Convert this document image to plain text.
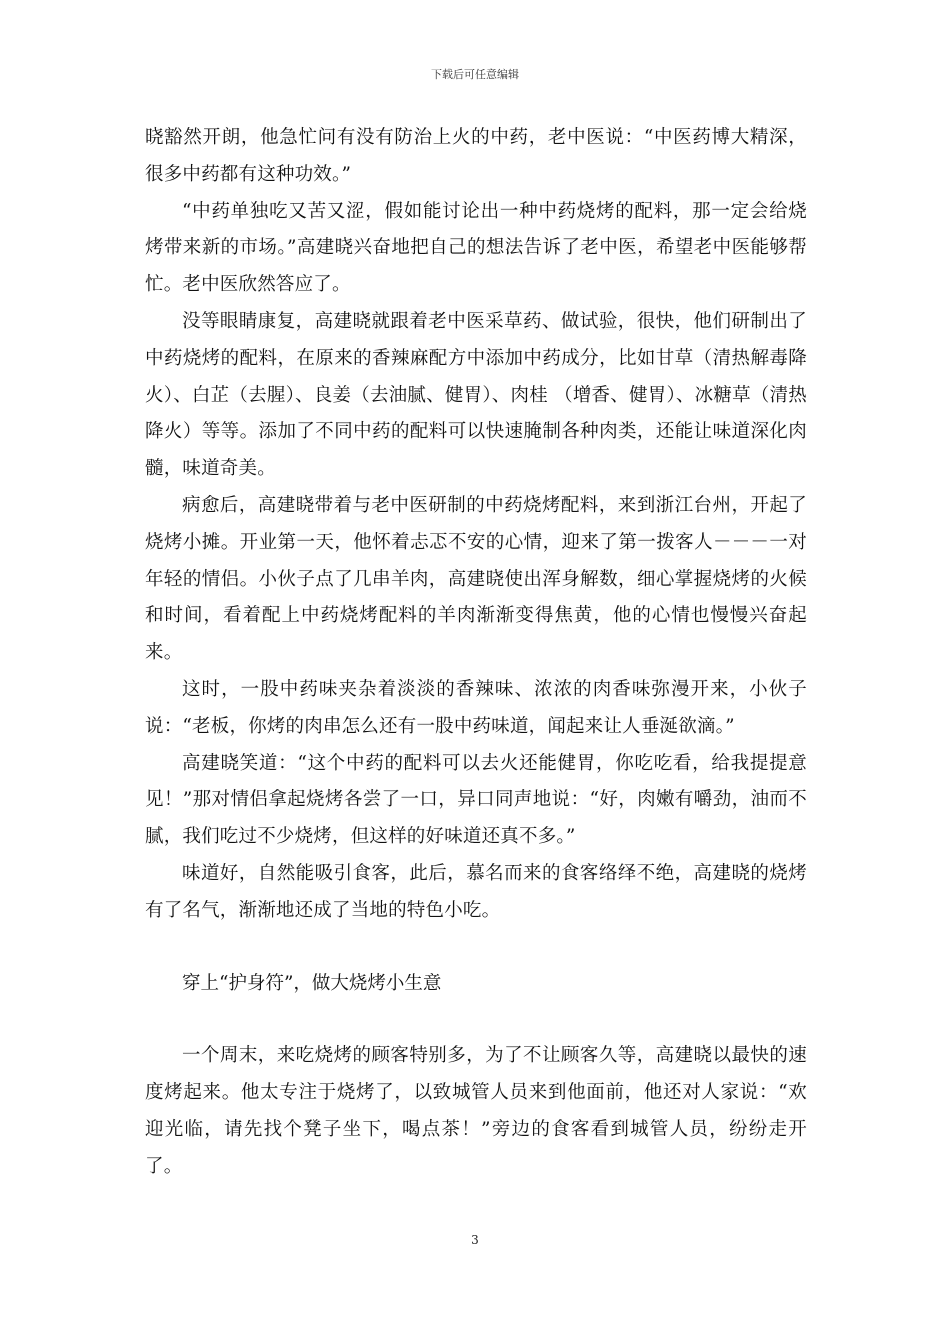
下载后可任意编辑

晓豁然开朗，他急忙问有没有防治上火的中药，老中医说：“中医药博大精深，很多中药都有这种功效。”

“中药单独吃又苦又涩，假如能讨论出一种中药烧烤的配料，那一定会给烧烤带来新的市场。”高建晓兴奋地把自己的想法告诉了老中医，希望老中医能够帮忙。老中医欣然答应了。

没等眼睛康复，高建晓就跟着老中医采草药、做试验，很快，他们研制出了中药烧烤的配料，在原来的香辣麻配方中添加中药成分，比如甘草（清热解毒降火）、白芷（去腥）、良姜（去油腻、健胃）、肉桂 （增香、健胃）、冰糖草（清热降火）等等。添加了不同中药的配料可以快速腌制各种肉类，还能让味道深化肉髓，味道奇美。

病愈后，高建晓带着与老中医研制的中药烧烤配料，来到浙江台州，开起了烧烤小摊。开业第一天，他怀着忐忑不安的心情，迎来了第一拨客人－－－一对年轻的情侣。小伙子点了几串羊肉，高建晓使出浑身解数，细心掌握烧烤的火候和时间，看着配上中药烧烤配料的羊肉渐渐变得焦黄，他的心情也慢慢兴奋起来。

这时，一股中药味夹杂着淡淡的香辣味、浓浓的肉香味弥漫开来，小伙子说：“老板，你烤的肉串怎么还有一股中药味道，闻起来让人垂涎欲滴。”

高建晓笑道：“这个中药的配料可以去火还能健胃，你吃吃看，给我提提意见！”那对情侣拿起烧烤各尝了一口，异口同声地说：“好，肉嫩有嚼劲，油而不腻，我们吃过不少烧烤，但这样的好味道还真不多。”

味道好，自然能吸引食客，此后，慕名而来的食客络绎不绝，高建晓的烧烤有了名气，渐渐地还成了当地的特色小吃。

穿上“护身符”，做大烧烤小生意

一个周末，来吃烧烤的顾客特别多，为了不让顾客久等，高建晓以最快的速度烤起来。他太专注于烧烤了，以致城管人员来到他面前，他还对人家说：“欢迎光临，请先找个凳子坐下，喝点茶！”旁边的食客看到城管人员，纷纷走开了。

3
